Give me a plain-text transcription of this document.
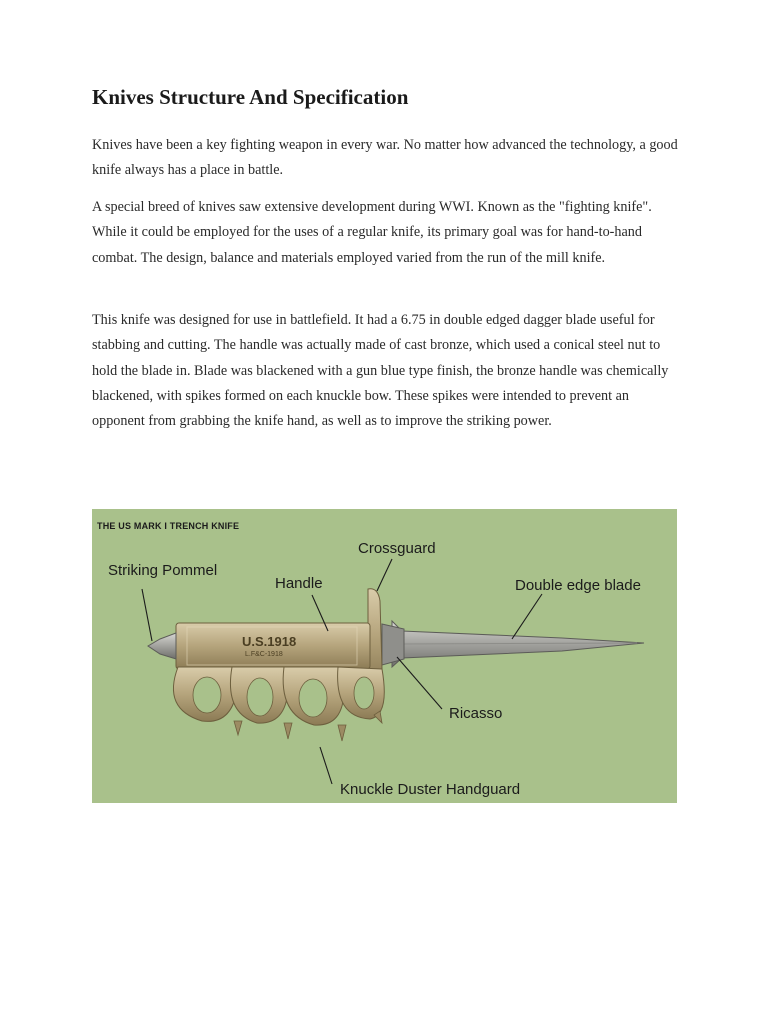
Knives Structure And Specification

Knives have been a key fighting weapon in every war. No matter how advanced the technology, a good knife always has a place in battle.

A special breed of knives saw extensive development during WWI. Known as the "fighting knife". While it could be employed for the uses of a regular knife, its primary goal was for hand-to-hand combat. The design, balance and materials employed varied from the run of the mill knife.

This knife was designed for use in battlefield. It had a 6.75 in double edged dagger blade useful for stabbing and cutting. The handle was actually made of cast bronze, which used a conical steel nut to hold the blade in. Blade was blackened with a gun blue type finish, the bronze handle was chemically blackened, with spikes formed on each knuckle bow. These spikes were intended to prevent an opponent from grabbing the knife hand, as well as to improve the striking power.

U.S.1918
L.F&C-1918
THE US MARK I TRENCH KNIFE
Crossguard
Striking Pommel
Handle	Double edge blade
Ricasso
Knuckle Duster Handguard
